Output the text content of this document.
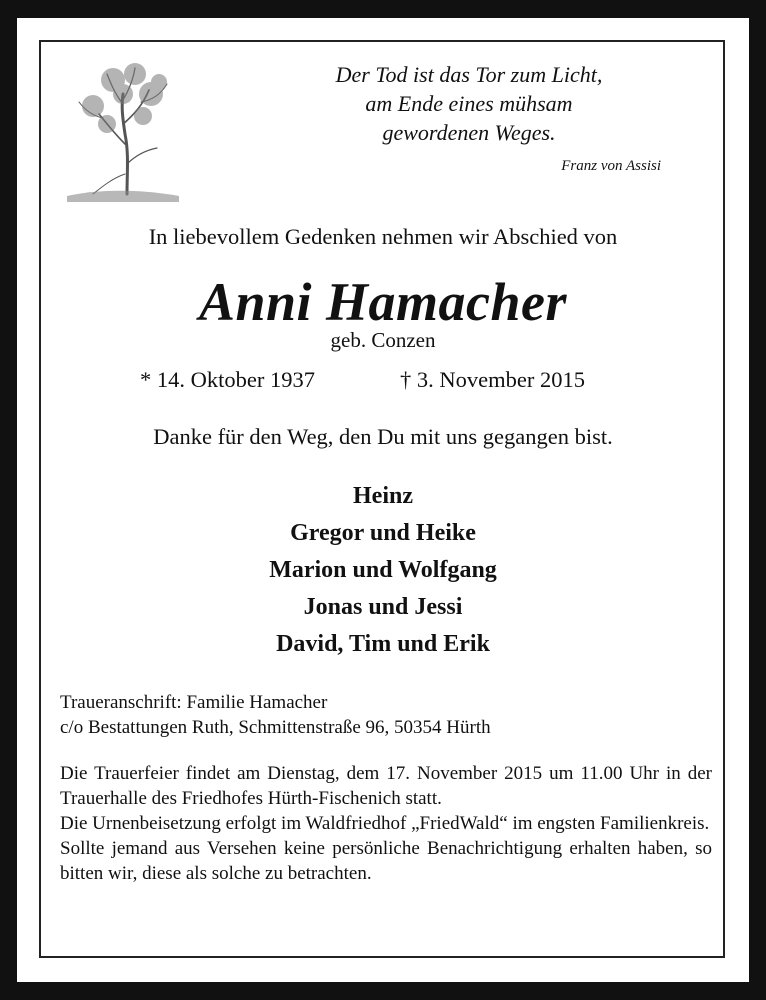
Der Tod ist das Tor zum Licht,
am Ende eines mühsam
gewordenen Weges.
Franz von Assisi
In liebevollem Gedenken nehmen wir Abschied von
Anni Hamacher
geb. Conzen
* 14. Oktober 1937	† 3. November 2015
Danke für den Weg, den Du mit uns gegangen bist.
Heinz
Gregor und Heike
Marion und Wolfgang
Jonas und Jessi
David, Tim und Erik
Traueranschrift: Familie Hamacher
c/o Bestattungen Ruth, Schmittenstraße 96, 50354 Hürth

Die Trauerfeier findet am Dienstag, dem 17. November 2015 um 11.00 Uhr in der Trauerhalle des Friedhofes Hürth-Fischenich statt.

Die Urnenbeisetzung erfolgt im Waldfriedhof „FriedWald“ im engsten Familienkreis.

Sollte jemand aus Versehen keine persönliche Benachrichtigung erhalten haben, so bitten wir, diese als solche zu betrachten.
